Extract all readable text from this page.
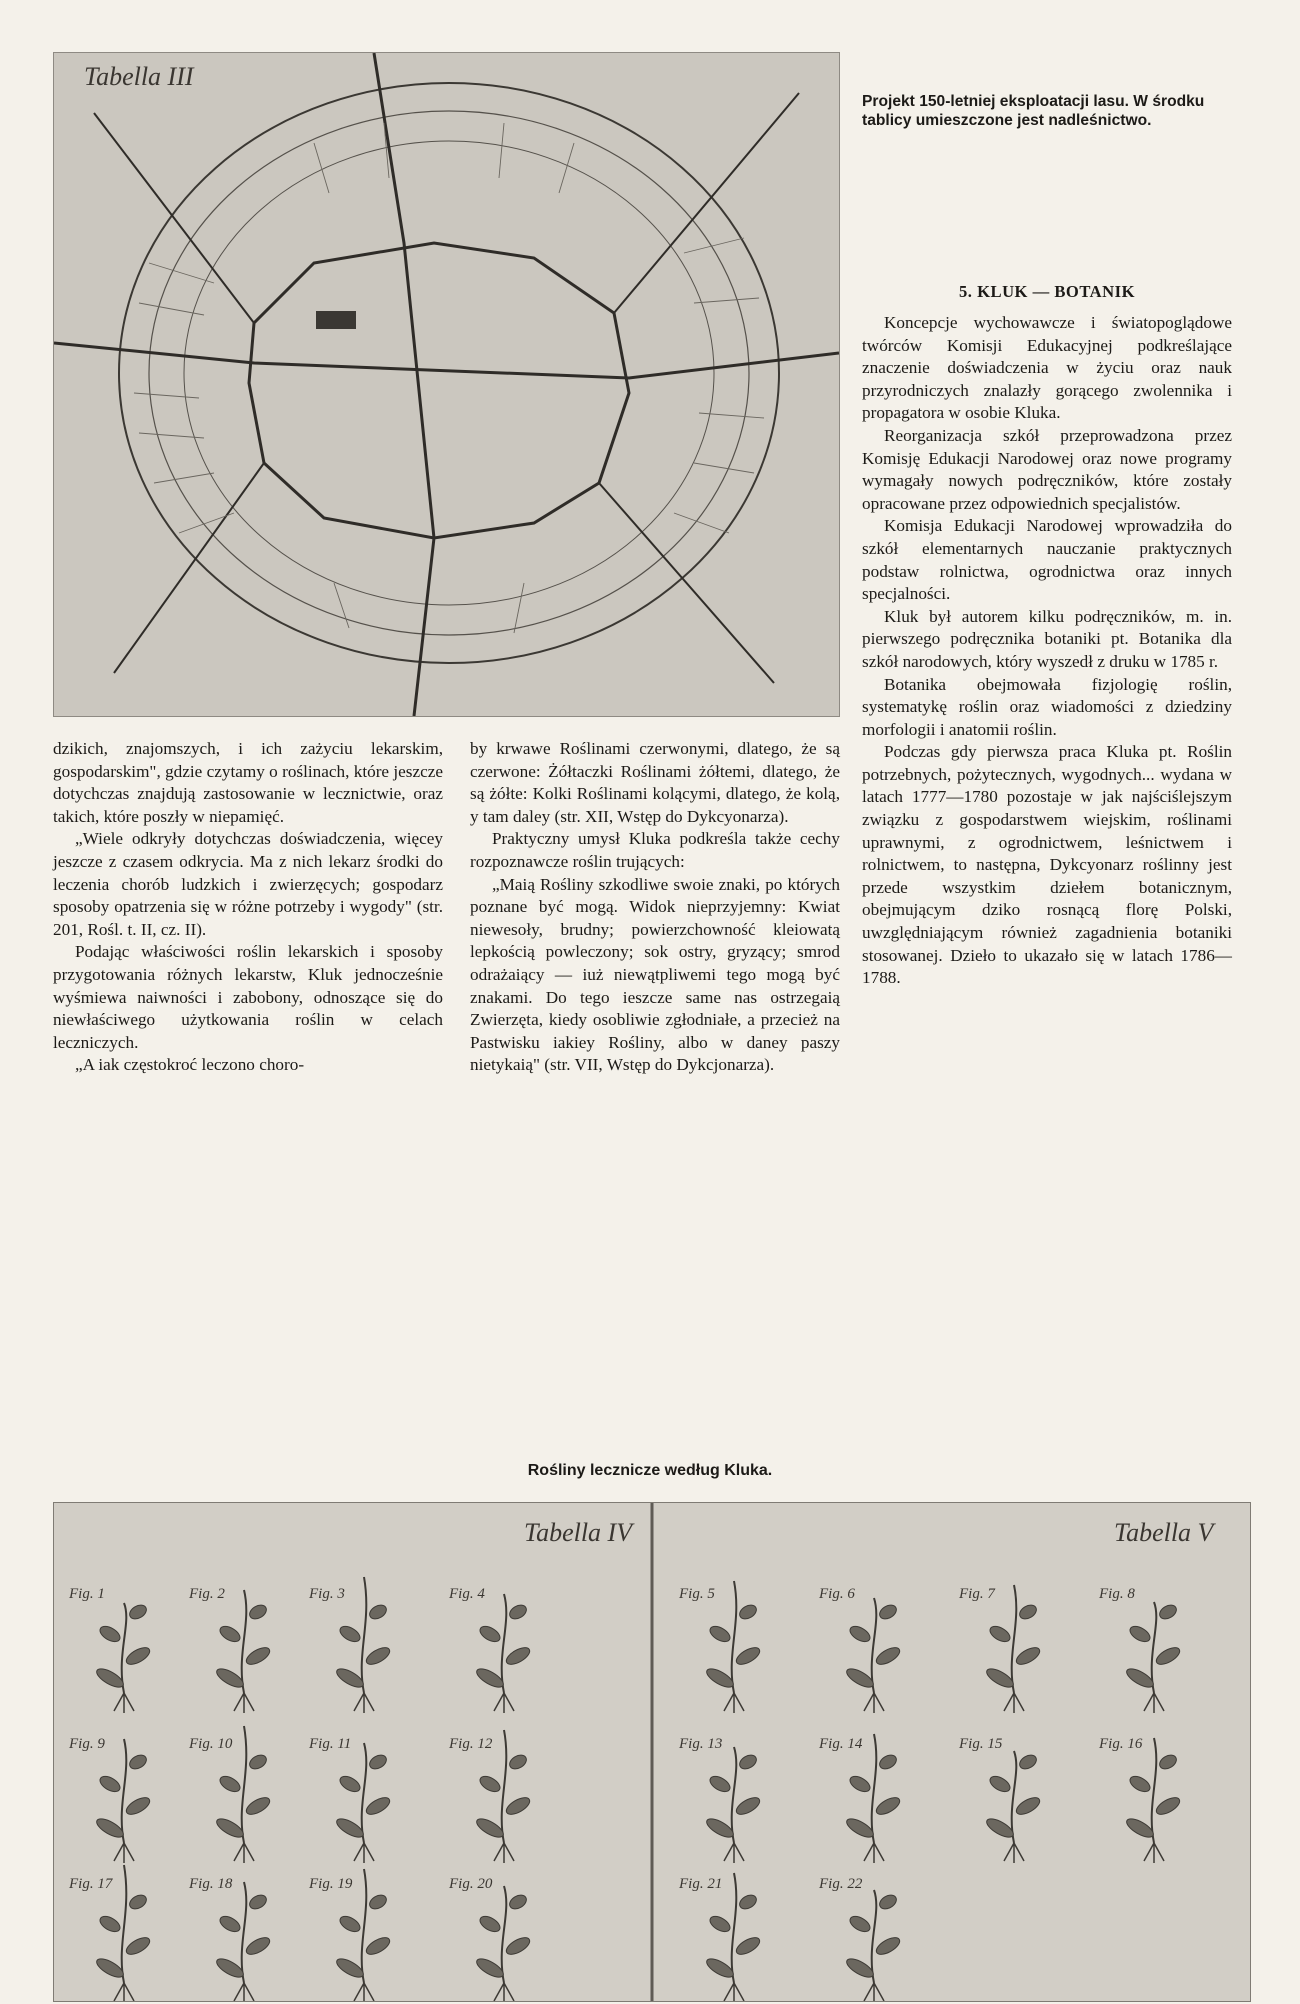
Tabella III
Projekt 150-letniej eksploatacji lasu. W środku tablicy umieszczone jest nadleśnictwo.
5. KLUK — BOTANIK

Koncepcje wychowawcze i światopoglądowe twórców Komisji Edukacyjnej podkreślające znaczenie doświadczenia w życiu oraz nauk przyrodniczych znalazły gorącego zwolennika i propagatora w osobie Kluka.

Reorganizacja szkół przeprowadzona przez Komisję Edukacji Narodowej oraz nowe programy wymagały nowych podręczników, które zostały opracowane przez odpowiednich specjalistów.

Komisja Edukacji Narodowej wprowadziła do szkół elementarnych nauczanie praktycznych podstaw rolnictwa, ogrodnictwa oraz innych specjalności.

Kluk był autorem kilku podręczników, m. in. pierwszego podręcznika botaniki pt. Botanika dla szkół narodowych, który wyszedł z druku w 1785 r.

Botanika obejmowała fizjologię roślin, systematykę roślin oraz wiadomości z dziedziny morfologii i anatomii roślin.

Podczas gdy pierwsza praca Kluka pt. Roślin potrzebnych, pożytecznych, wygodnych... wydana w latach 1777—1780 pozostaje w jak najściślejszym związku z gospodarstwem wiejskim, roślinami uprawnymi, z ogrodnictwem, leśnictwem i rolnictwem, to następna, Dykcyonarz roślinny jest przede wszystkim dziełem botanicznym, obejmującym dziko rosnącą florę Polski, uwzględniającym również zagadnienia botaniki stosowanej. Dzieło to ukazało się w latach 1786—1788.

dzikich, znajomszych, i ich zażyciu lekarskim, gospodarskim", gdzie czytamy o roślinach, które jeszcze dotychczas znajdują zastosowanie w lecznictwie, oraz takich, które poszły w niepamięć.

„Wiele odkryły dotychczas doświadczenia, więcey jeszcze z czasem odkrycia. Ma z nich lekarz środki do leczenia chorób ludzkich i zwierzęcych; gospodarz sposoby opatrzenia się w różne potrzeby i wygody" (str. 201, Rośl. t. II, cz. II).

Podając właściwości roślin lekarskich i sposoby przygotowania różnych lekarstw, Kluk jednocześnie wyśmiewa naiwności i zabobony, odnoszące się do niewłaściwego użytkowania roślin w celach leczniczych.

„A iak częstokroć leczono choro-

by krwawe Roślinami czerwonymi, dlatego, że są czerwone: Żółtaczki Roślinami żółtemi, dlatego, że są żółte: Kolki Roślinami kolącymi, dlatego, że kolą, y tam daley (str. XII, Wstęp do Dykcyonarza).

Praktyczny umysł Kluka podkreśla także cechy rozpoznawcze roślin trujących:

„Maią Rośliny szkodliwe swoie znaki, po których poznane być mogą. Widok nieprzyjemny: Kwiat niewesoły, brudny; powierzchowność kleiowatą lepkością powleczony; sok ostry, gryzący; smrod odrażaiący — iuż niewątpliwemi tego mogą być znakami. Do tego ieszcze same nas ostrzegaią Zwierzęta, kiedy osobliwie zgłodniałe, a przecież na Pastwisku iakiey Rośliny, albo w daney paszy nietykaią" (str. VII, Wstęp do Dykcjonarza).

Rośliny lecznicze według Kluka.
Tabella IV	Tabella V
Fig. 1	Fig. 2	Fig. 3	Fig. 4	Fig. 5	Fig. 6	Fig. 7	Fig. 8
Fig. 9	Fig. 10	Fig. 11	Fig. 12	Fig. 13	Fig. 14	Fig. 15	Fig. 16
Fig. 17	Fig. 18	Fig. 19	Fig. 20	Fig. 21	Fig. 22
